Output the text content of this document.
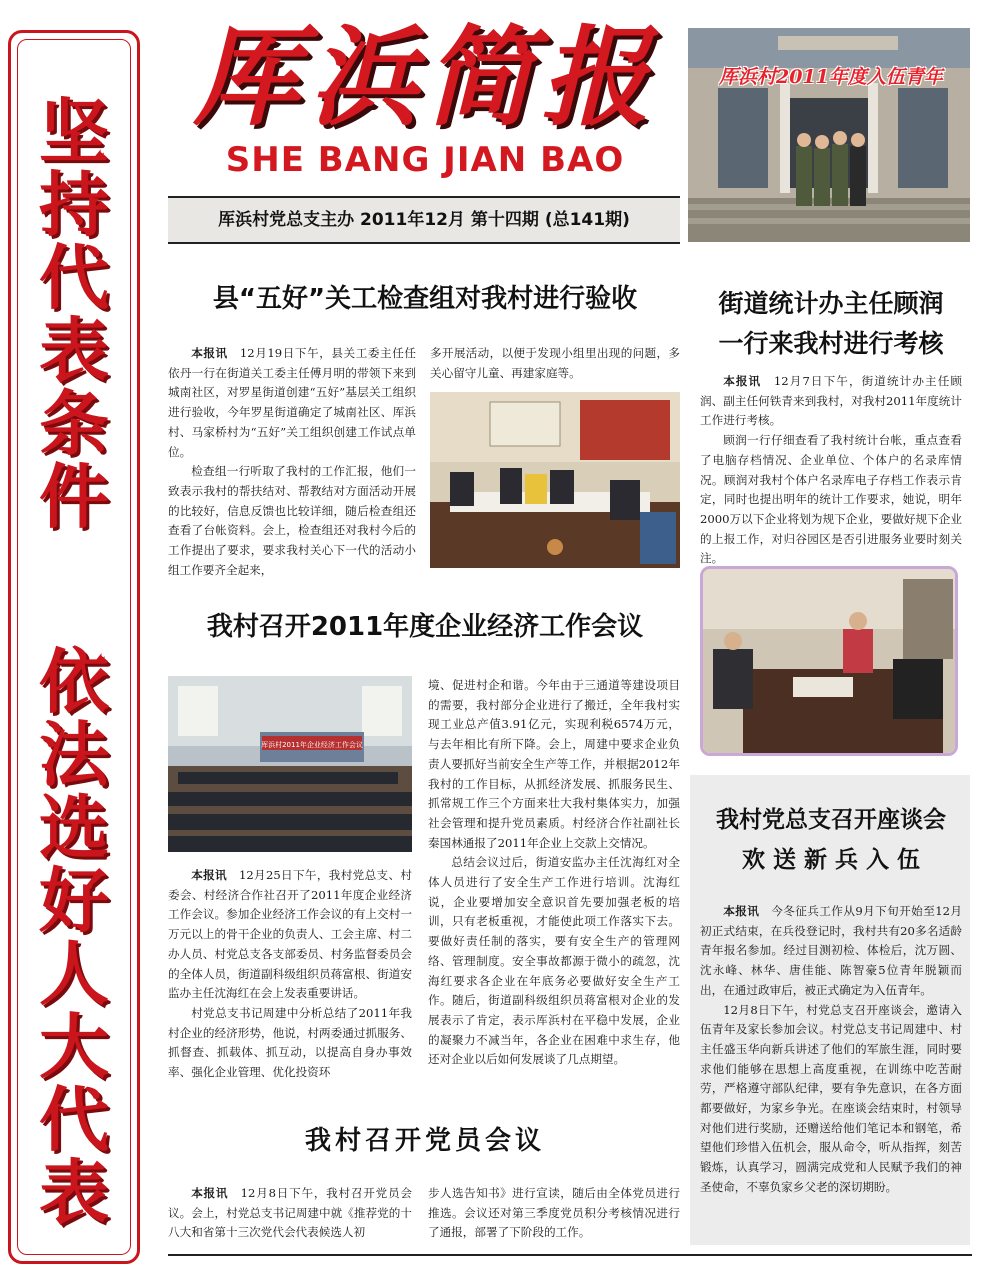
坚
持
代
表
条
件
依
法
选
好
人
大
代
表
厍浜简报
SHE BANG JIAN BAO
厍浜村党总支主办 2011年12月 第十四期 (总141期)
厍浜村2011年度入伍青年
县“五好”关工检查组对我村进行验收

本报讯　 12月19日下午，县关工委主任任依丹一行在街道关工委主任傅月明的带领下来到城南社区，对罗星街道创建“五好”基层关工组织进行验收，今年罗星街道确定了城南社区、厍浜村、马家桥村为“五好”关工组织创建工作试点单位。

检查组一行听取了我村的工作汇报，他们一致表示我村的帮扶结对、帮教结对方面活动开展的比较好，信息反馈也比较详细，随后检查组还查看了台帐资料。会上，检查组还对我村今后的工作提出了要求，要求我村关心下一代的活动小组工作要齐全起来，

多开展活动，以便于发现小组里出现的问题，多关心留守儿童、再建家庭等。

街道统计办主任顾润
一行来我村进行考核

本报讯　 12月7日下午，街道统计办主任顾润、副主任何铁青来到我村，对我村2011年度统计工作进行考核。

顾润一行仔细查看了我村统计台帐，重点查看了电脑存档情况、企业单位、个体户的名录库情况。顾润对我村个体户名录库电子存档工作表示肯定，同时也提出明年的统计工作要求，她说，明年2000万以下企业将划为规下企业，要做好规下企业的上报工作，对归谷园区是否引进服务业要时刻关注。

我村召开2011年度企业经济工作会议
厍浜村2011年企业经济工作会议

本报讯　 12月25日下午，我村党总支、村委会、村经济合作社召开了2011年度企业经济工作会议。参加企业经济工作会议的有上交村一万元以上的骨干企业的负责人、工会主席、村二办人员、村党总支各支部委员、村务监督委员会的全体人员，街道副科级组织员蒋富根、街道安监办主任沈海红在会上发表重要讲话。

村党总支书记周建中分析总结了2011年我村企业的经济形势，他说，村两委通过抓服务、抓督查、抓载体、抓互动，以提高自身办事效率、强化企业管理、优化投资环

境、促进村企和谐。今年由于三通道等建设项目的需要，我村部分企业进行了搬迁，全年我村实现工业总产值3.91亿元，实现利税6574万元，与去年相比有所下降。会上，周建中要求企业负责人要抓好当前安全生产等工作，并根据2012年我村的工作目标，从抓经济发展、抓服务民生、抓常规工作三个方面来壮大我村集体实力，加强社会管理和提升党员素质。村经济合作社副社长秦国林通报了2011年企业上交款上交情况。

总结会议过后，街道安监办主任沈海红对全体人员进行了安全生产工作进行培训。沈海红说，企业要增加安全意识首先要加强老板的培训，只有老板重视，才能使此项工作落实下去。要做好责任制的落实，要有安全生产的管理网络、管理制度。安全事故都源于微小的疏忽，沈海红要求各企业在年底务必要做好安全生产工作。随后，街道副科级组织员蒋富根对企业的发展表示了肯定，表示厍浜村在平稳中发展，企业的凝聚力不减当年，各企业在困难中求生存，他还对企业以后如何发展谈了几点期望。

我村党总支召开座谈会
欢 送 新 兵 入 伍

本报讯　 今冬征兵工作从9月下旬开始至12月初正式结束，在兵役登记时，我村共有20多名适龄青年报名参加。经过目测初检、体检后，沈万圆、沈永峰、林华、唐佳能、陈智豪5位青年脱颖而出，在通过政审后，被正式确定为入伍青年。

12月8日下午，村党总支召开座谈会，邀请入伍青年及家长参加会议。村党总支书记周建中、村主任盛玉华向新兵讲述了他们的军旅生涯，同时要求他们能够在思想上高度重视，在训练中吃苦耐劳，严格遵守部队纪律，要有争先意识，在各方面都要做好，为家乡争光。在座谈会结束时，村领导对他们进行奖励，还赠送给他们笔记本和钢笔，希望他们珍惜入伍机会，服从命令，听从指挥，刻苦锻炼，认真学习，圆满完成党和人民赋予我们的神圣使命，不辜负家乡父老的深切期盼。

我村召开党员会议

本报讯　 12月8日下午，我村召开党员会议。会上，村党总支书记周建中就《推荐党的十八大和省第十三次党代会代表候选人初

步人选告知书》进行宣读，随后由全体党员进行推选。会议还对第三季度党员积分考核情况进行了通报，部署了下阶段的工作。
